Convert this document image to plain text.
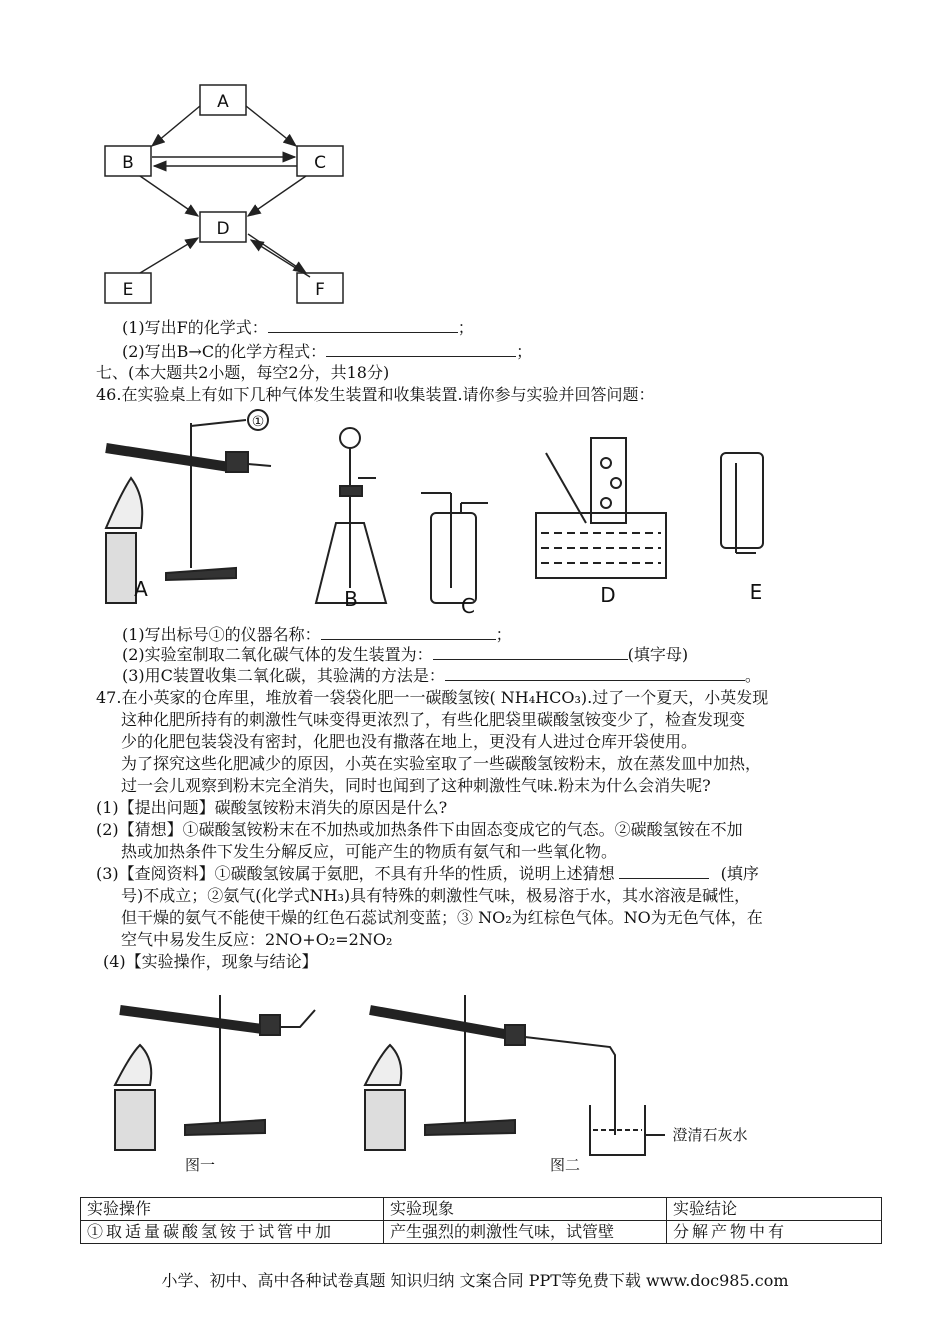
A
B	C
D
E	F
(1)写出F的化学式：	；
(2)写出B→C的化学方程式：	；
七、(本大题共2小题，每空2分，共18分)
46.在实验桌上有如下几种气体发生装置和收集装置.请你参与实验并回答问题：
A	B	C	D	E
①
(1)写出标号①的仪器名称：	；
(2)实验室制取二氧化碳气体的发生装置为：	(填字母)
(3)用C装置收集二氧化碳，其验满的方法是：	。
47.在小英家的仓库里，堆放着一袋袋化肥一一碳酸氢铵( NH₄HCO₃).过了一个夏天，小英发现
这种化肥所持有的刺激性气味变得更浓烈了，有些化肥袋里碳酸氢铵变少了，检查发现变
少的化肥包装袋没有密封，化肥也没有撒落在地上，更没有人进过仓库开袋使用。
为了探究这些化肥减少的原因，小英在实验室取了一些碳酸氢铵粉末，放在蒸发皿中加热，
过一会儿观察到粉末完全消失，同时也闻到了这种刺激性气味.粉末为什么会消失呢?
(1)【提出问题】碳酸氢铵粉末消失的原因是什么?
(2)【猜想】①碳酸氢铵粉末在不加热或加热条件下由固态变成它的气态。②碳酸氢铵在不加
热或加热条件下发生分解反应，可能产生的物质有氨气和一些氧化物。
(3)【查阅资料】①碳酸氢铵属于氨肥，不具有升华的性质，说明上述猜想	(填序
号)不成立；②氨气(化学式NH₃)具有特殊的刺激性气味，极易溶于水，其水溶液是碱性，
但干燥的氨气不能使干燥的红色石蕊试剂变蓝；③ NO₂为红棕色气体。NO为无色气体，在
空气中易发生反应：2NO+O₂=2NO₂
(4)【实验操作，现象与结论】
图一	图二
澄清石灰水
实验操作	实验现象	实验结论
①取适量碳酸氢铵于试管中加	产生强烈的刺激性气味，试管壁	分解产物中有
小学、初中、高中各种试卷真题 知识归纳 文案合同 PPT等免费下载 www.doc985.com
